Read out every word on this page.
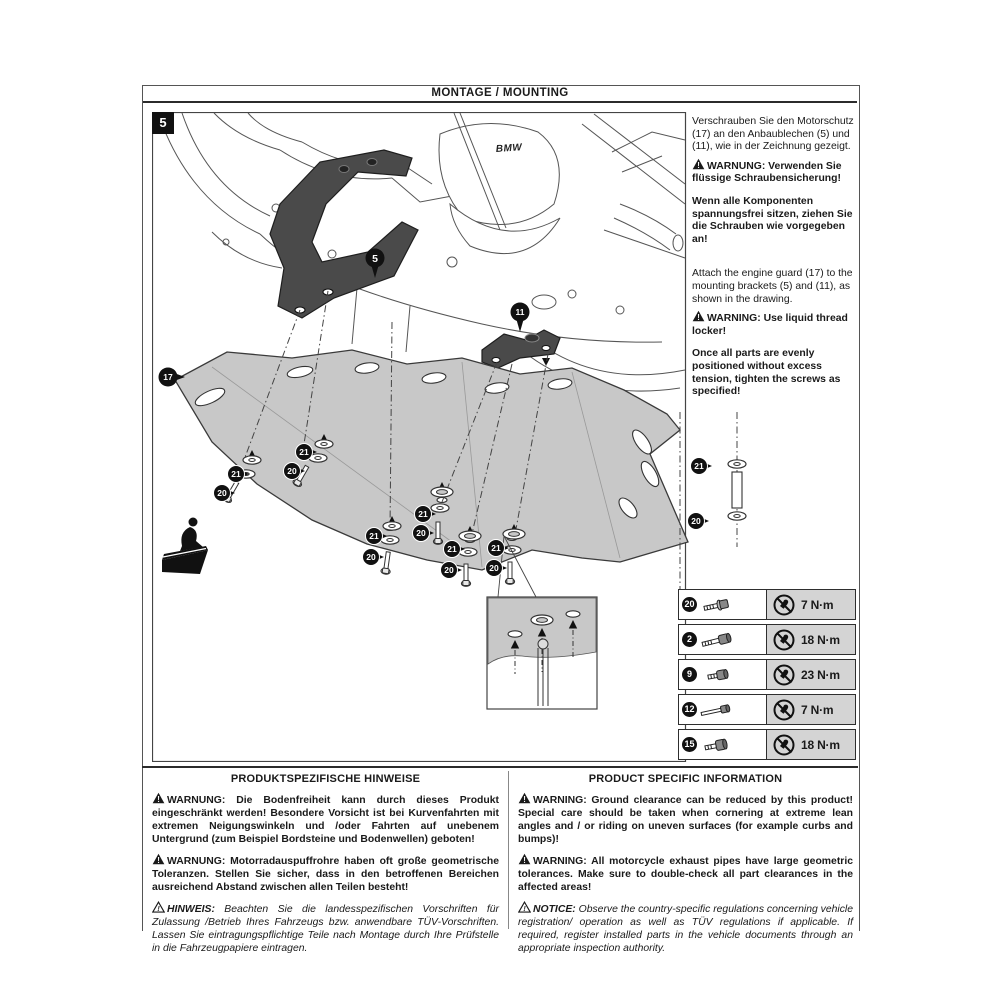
MONTAGE / MOUNTING
BMW
5
11
17
21
20
21
20
21
20
21
20
21
20
21
20
21
20
5	Verschrauben Sie den Motorschutz (17) an den Anbaublechen (5) und (11), wie in der Zeichnung gezeigt.

! WARNUNG: Verwenden Sie flüssige Schraubensicherung!

Wenn alle Komponenten spannungsfrei sitzen, ziehen Sie die Schrauben wie vorgegeben an!

Attach the engine guard (17) to the mounting brackets (5) and (11), as shown in the drawing.

! WARNING: Use liquid thread locker!

Once all parts are evenly positioned without excess tension, tighten the screws as specified!

20	7 N·m
2	18 N·m
9	23 N·m
12	7 N·m
15	18 N·m
PRODUKTSPEZIFISCHE HINWEISE

! WARNUNG: Die Bodenfreiheit kann durch dieses Produkt eingeschränkt werden! Besondere Vorsicht ist bei Kurvenfahrten mit extremen Neigungswinkeln und /oder Fahrten auf unebenem Untergrund (zum Beispiel Bordsteine und Bodenwellen) geboten!

! WARNUNG: Motorradauspuffrohre haben oft große geometrische Toleranzen. Stellen Sie sicher, dass in den betroffenen Bereichen ausreichend Abstand zwischen allen Teilen besteht!

! HINWEIS: Beachten Sie die landesspezifischen Vorschriften für Zulassung /Betrieb Ihres Fahrzeugs bzw. anwendbare TÜV-Vorschriften. Lassen Sie eintragungspflichtige Teile nach Montage durch Ihre Prüfstelle in die Fahrzeugpapiere eintragen.

PRODUCT SPECIFIC INFORMATION

! WARNING: Ground clearance can be reduced by this product! Special care should be taken when cornering at extreme lean angles and / or riding on uneven surfaces (for example curbs and bumps)!

! WARNING: All motorcycle exhaust pipes have large geometric tolerances. Make sure to double-check all part clearances in the affected areas!

! NOTICE: Observe the country-specific regulations concerning vehicle registration/ operation as well as TÜV regulations if applicable. If required, register installed parts in the vehicle documents through an appropriate inspection authority.
